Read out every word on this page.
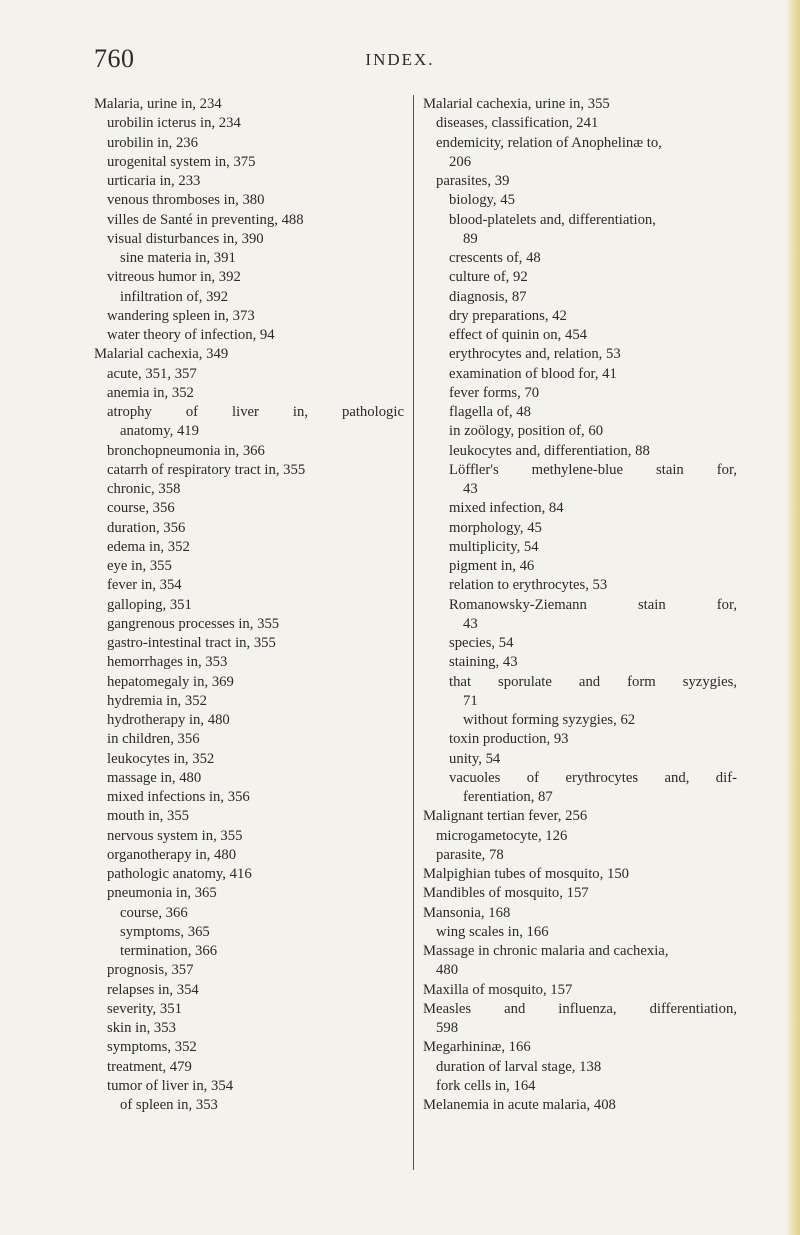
760	INDEX.
Malaria, urine in, 234
urobilin icterus in, 234
urobilin in, 236
urogenital system in, 375
urticaria in, 233
venous thromboses in, 380
villes de Santé in preventing, 488
visual disturbances in, 390
sine materia in, 391
vitreous humor in, 392
infiltration of, 392
wandering spleen in, 373
water theory of infection, 94
Malarial cachexia, 349
acute, 351, 357
anemia in, 352
atrophy of liver in, pathologic
anatomy, 419
bronchopneumonia in, 366
catarrh of respiratory tract in, 355
chronic, 358
course, 356
duration, 356
edema in, 352
eye in, 355
fever in, 354
galloping, 351
gangrenous processes in, 355
gastro-intestinal tract in, 355
hemorrhages in, 353
hepatomegaly in, 369
hydremia in, 352
hydrotherapy in, 480
in children, 356
leukocytes in, 352
massage in, 480
mixed infections in, 356
mouth in, 355
nervous system in, 355
organotherapy in, 480
pathologic anatomy, 416
pneumonia in, 365
course, 366
symptoms, 365
termination, 366
prognosis, 357
relapses in, 354
severity, 351
skin in, 353
symptoms, 352
treatment, 479
tumor of liver in, 354
of spleen in, 353
Malarial cachexia, urine in, 355
diseases, classification, 241
endemicity, relation of Anophelinæ to,
206
parasites, 39
biology, 45
blood-platelets and, differentiation,
89
crescents of, 48
culture of, 92
diagnosis, 87
dry preparations, 42
effect of quinin on, 454
erythrocytes and, relation, 53
examination of blood for, 41
fever forms, 70
flagella of, 48
in zoölogy, position of, 60
leukocytes and, differentiation, 88
Löffler's methylene-blue stain for,
43
mixed infection, 84
morphology, 45
multiplicity, 54
pigment in, 46
relation to erythrocytes, 53
Romanowsky-Ziemann stain for,
43
species, 54
staining, 43
that sporulate and form syzygies,
71
without forming syzygies, 62
toxin production, 93
unity, 54
vacuoles of erythrocytes and, dif-
ferentiation, 87
Malignant tertian fever, 256
microgametocyte, 126
parasite, 78
Malpighian tubes of mosquito, 150
Mandibles of mosquito, 157
Mansonia, 168
wing scales in, 166
Massage in chronic malaria and cachexia,
480
Maxilla of mosquito, 157
Measles and influenza, differentiation,
598
Megarhininæ, 166
duration of larval stage, 138
fork cells in, 164
Melanemia in acute malaria, 408
